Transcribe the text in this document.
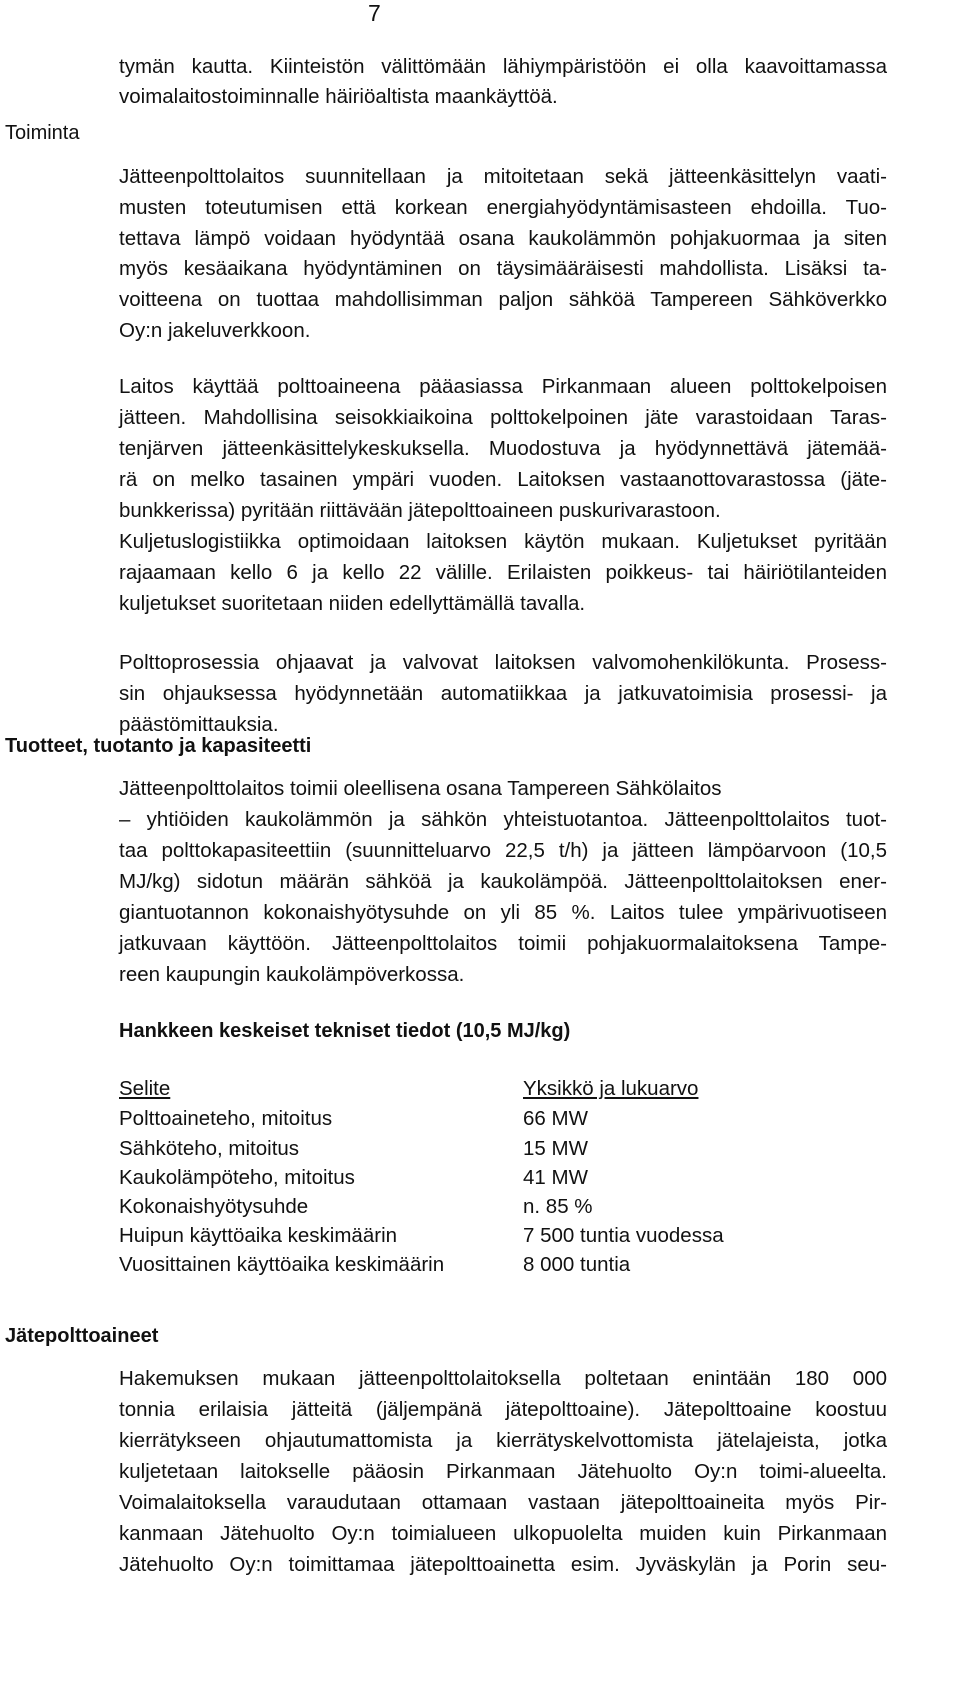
7
Toiminta
Tuotteet, tuotanto ja kapasiteetti
Jätepolttoaineet
tymän kautta. Kiinteistön välittömään lähiympäristöön ei olla kaavoittamassa
voimalaitostoiminnalle häiriöaltista maankäyttöä.
Jätteenpolttolaitos suunnitellaan ja mitoitetaan sekä jätteenkäsittelyn vaati-
musten toteutumisen että korkean energiahyödyntämisasteen ehdoilla. Tuo-
tettava lämpö voidaan hyödyntää osana kaukolämmön pohjakuormaa ja siten
myös kesäaikana hyödyntäminen on täysimääräisesti mahdollista. Lisäksi ta-
voitteena on tuottaa mahdollisimman paljon sähköä Tampereen Sähköverkko
Oy:n jakeluverkkoon.
Laitos käyttää polttoaineena pääasiassa Pirkanmaan alueen polttokelpoisen
jätteen. Mahdollisina seisokkiaikoina polttokelpoinen jäte varastoidaan Taras-
tenjärven jätteenkäsittelykeskuksella. Muodostuva ja hyödynnettävä jätemää-
rä on melko tasainen ympäri vuoden. Laitoksen vastaanottovarastossa (jäte-
bunkkerissa) pyritään riittävään jätepolttoaineen puskurivarastoon.
Kuljetuslogistiikka optimoidaan laitoksen käytön mukaan. Kuljetukset pyritään
rajaamaan kello 6 ja kello 22 välille. Erilaisten poikkeus- tai häiriötilanteiden
kuljetukset suoritetaan niiden edellyttämällä tavalla.
Polttoprosessia ohjaavat ja valvovat laitoksen valvomohenkilökunta. Prosess-
sin ohjauksessa hyödynnetään automatiikkaa ja jatkuvatoimisia prosessi- ja
päästömittauksia.
Jätteenpolttolaitos toimii oleellisena osana Tampereen Sähkölaitos
– yhtiöiden kaukolämmön ja sähkön yhteistuotantoa. Jätteenpolttolaitos tuot-
taa polttokapasiteettiin (suunnitteluarvo 22,5 t/h) ja jätteen lämpöarvoon (10,5
MJ/kg) sidotun määrän sähköä ja kaukolämpöä. Jätteenpolttolaitoksen ener-
giantuotannon kokonaishyötysuhde on yli 85 %. Laitos tulee ympärivuotiseen
jatkuvaan käyttöön. Jätteenpolttolaitos toimii pohjakuormalaitoksena Tampe-
reen kaupungin kaukolämpöverkossa.
Hankkeen keskeiset tekniset tiedot (10,5 MJ/kg)
Selite	Yksikkö ja lukuarvo
Polttoaineteho, mitoitus	66 MW
Sähköteho, mitoitus	15 MW
Kaukolämpöteho, mitoitus	41 MW
Kokonaishyötysuhde	n. 85 %
Huipun käyttöaika keskimäärin	7 500 tuntia vuodessa
Vuosittainen käyttöaika keskimäärin	8 000 tuntia
Hakemuksen mukaan jätteenpolttolaitoksella poltetaan enintään 180 000
tonnia erilaisia jätteitä (jäljempänä jätepolttoaine). Jätepolttoaine koostuu
kierrätykseen ohjautumattomista ja kierrätyskelvottomista jätelajeista, jotka
kuljetetaan laitokselle pääosin Pirkanmaan Jätehuolto Oy:n toimi-alueelta.
Voimalaitoksella varaudutaan ottamaan vastaan jätepolttoaineita myös Pir-
kanmaan Jätehuolto Oy:n toimialueen ulkopuolelta muiden kuin Pirkanmaan
Jätehuolto Oy:n toimittamaa jätepolttoainetta esim. Jyväskylän ja Porin seu-
